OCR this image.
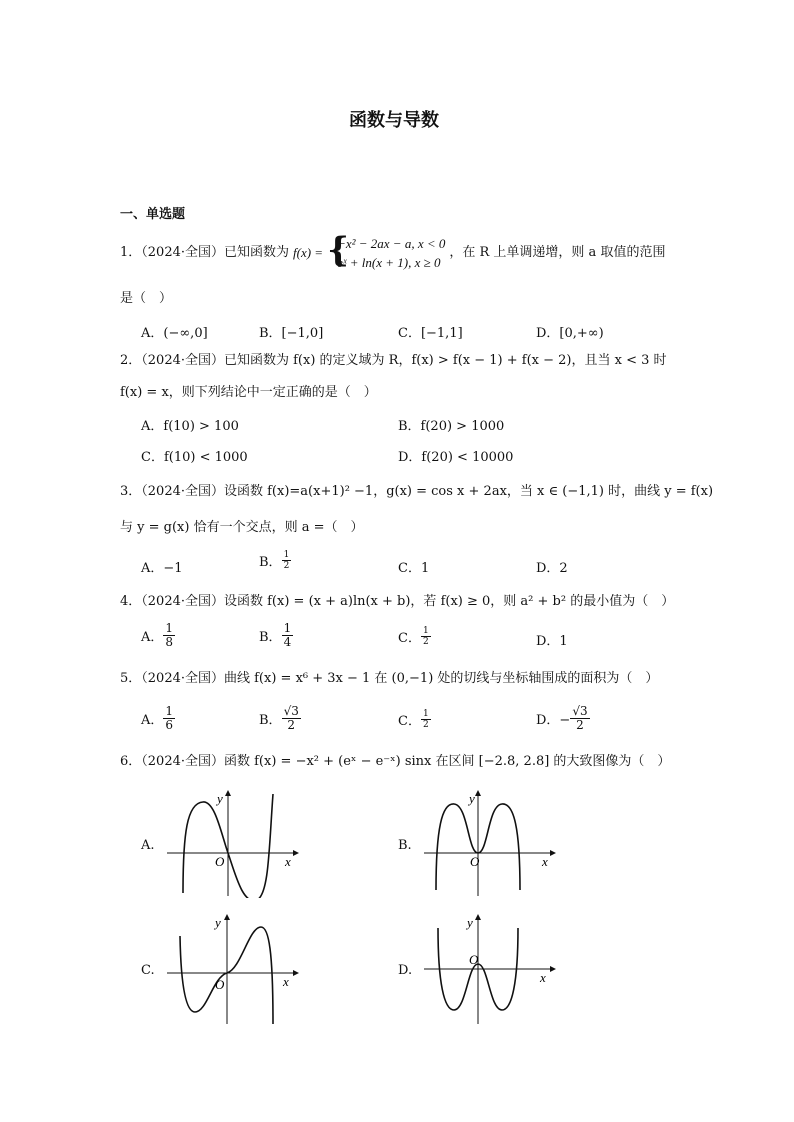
函数与导数
一、单选题
1．（2024·全国）已知函数为 f(x) = {
−x² − 2ax − a, x < 0
eˣ + ln(x + 1), x ≥ 0
，在 R 上单调递增，则 a 取值的范围
是（　）
A．(−∞,0]	B．[−1,0]	C．[−1,1]	D．[0,+∞)
2．（2024·全国）已知函数为 f(x) 的定义域为 R，f(x) > f(x − 1) + f(x − 2)，且当 x < 3 时
f(x) = x，则下列结论中一定正确的是（　）
A．f(10) > 100	B．f(20) > 1000
C．f(10) < 1000	D．f(20) < 10000
3．（2024·全国）设函数 f(x)=a(x+1)² −1，g(x) = cos x + 2ax，当 x ∈ (−1,1) 时，曲线 y = f(x)
与 y = g(x) 恰有一个交点，则 a =（　）
A．−1	B． $\frac{1}{2}$	C．1	D．2
4．（2024·全国）设函数 f(x) = (x + a)ln(x + b)，若 f(x) ≥ 0，则 a² + b² 的最小值为（　）
A． $\frac{1}{8}$	B． $\frac{1}{4}$	C． $\frac{1}{2}$	D．1
5．（2024·全国）曲线 f(x) = x⁶ + 3x − 1 在 (0,−1) 处的切线与坐标轴围成的面积为（　）
A． $\frac{1}{6}$	B． $\frac{√3}{2}$	C． $\frac{1}{2}$	D．− $\frac{√3}{2}$
6．（2024·全国）函数 f(x) = −x² + (eˣ − e⁻ˣ) sinx 在区间 [−2.8, 2.8] 的大致图像为（　）
A.	B.
C.	D.
O	x
y
O	x
y
O	x
y
O
x
y
